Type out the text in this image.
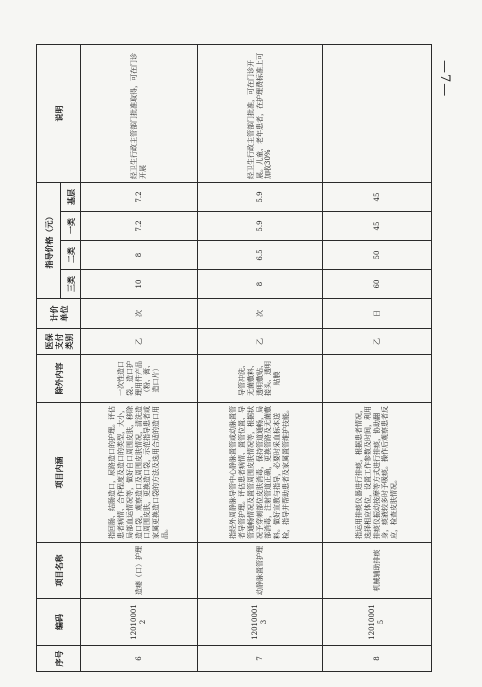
—7—
序号	编码	项目名称	项目内涵	除外内容	医保支付类别	计价单位	指导价格（元）				说明
							三类	二类	一类	基层	
6	120100012	造瘘（口）护理	指回肠、结肠造口，尿路造口的护理。评估患者病情、合作程度及造口的类型，大小，局部血运情况等，做好自口周围皮肤，移除造口袋，观察造口及周围皮肤情况，清洗造口周围皮肤，更换造口袋，示范指导患者或家属更换造口袋的方法及选用合适的造口用品。	一次性造口袋、造口护理用件产品（粉、膏、造口片）	乙	次	10	8	7.2	7.2	经卫生行政主管部门批准取得，可在门诊开展
7	120100013	动静脉置管护理	指经外周静脉导管中心静脉置管或动脉置管者导管护理。评估患者病情、置管位置、导管通畅情况及置管周围皮肤情况等，根据状况予穿刺部位皮肤消毒，保持管道通畅，局部消毒，注射管道正确，更换管路及无菌敷料。做好宣教与指导，必要时采血标本送检，指导并帮助患者及家属置管维护技能。	导管冲洗、无菌敷料、透明敷贴、接头、透明贴膜	乙	次	8	6.5	5.9	5.9	经卫生行政主管部门批准，可在门诊开展。儿童、老年患者，在护理费标准上可加收30%
8	120100015	机械辅助排痰	指运用排痰仪器进行排痰，根据患者情况，选择相应体位，设置工作参数及时间，利用排痰仪振动按摩等方式进行排痰，协助翻身，痰液较多时予吸痰。操作后观察患者反应，检查皮肤情况。		乙	日	60	50	45	45	
